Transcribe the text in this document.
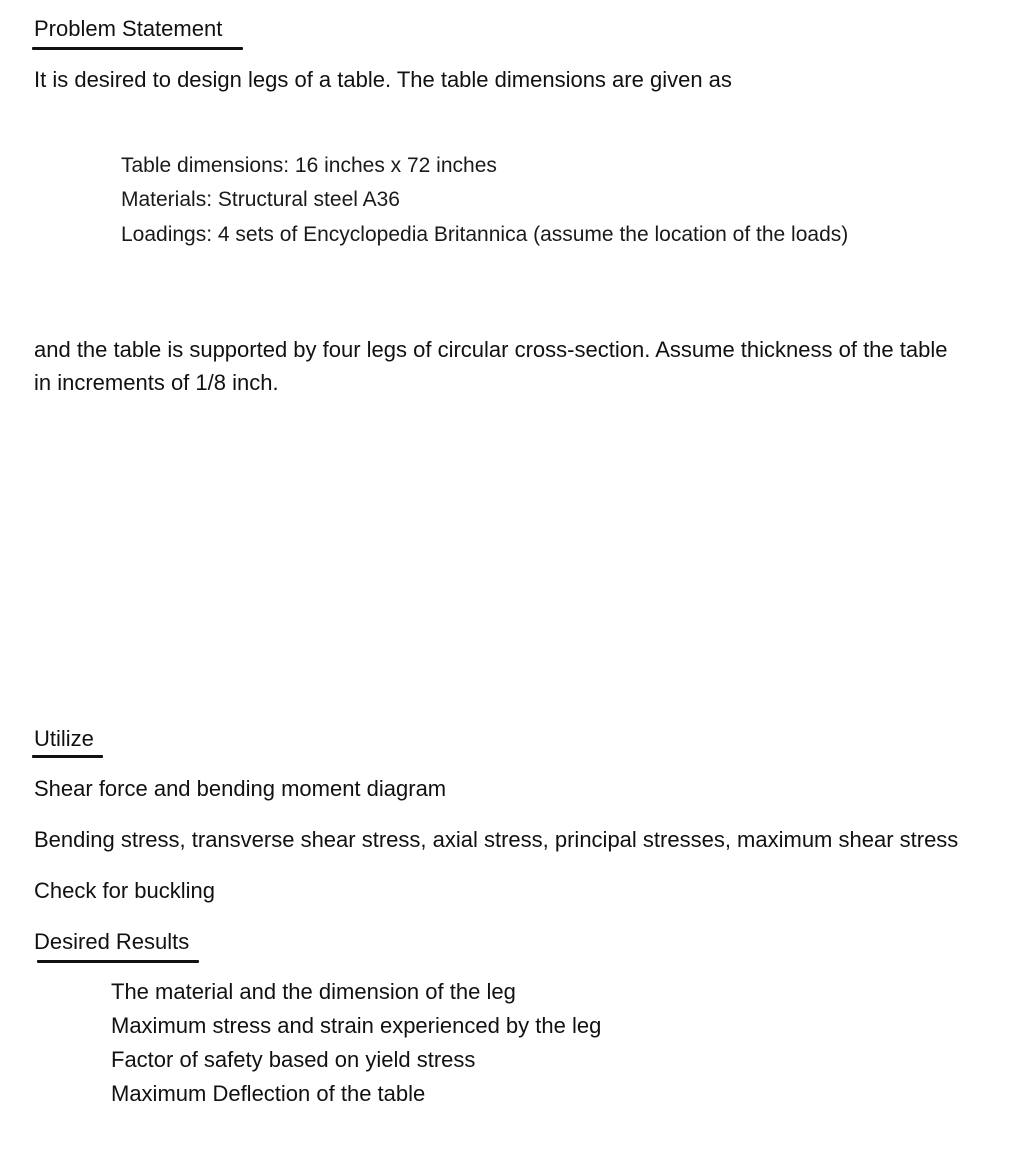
Problem Statement
It is desired to design legs of a table. The table dimensions are given as
Table dimensions: 16 inches x 72 inches
Materials: Structural steel A36
Loadings: 4 sets of Encyclopedia Britannica (assume the location of the loads)
and the table is supported by four legs of circular cross-section. Assume thickness of the table
in increments of 1/8 inch.
Utilize
Shear force and bending moment diagram
Bending stress, transverse shear stress, axial stress, principal stresses, maximum shear stress
Check for buckling
Desired Results
The material and the dimension of the leg
Maximum stress and strain experienced by the leg
Factor of safety based on yield stress
Maximum Deflection of the table
